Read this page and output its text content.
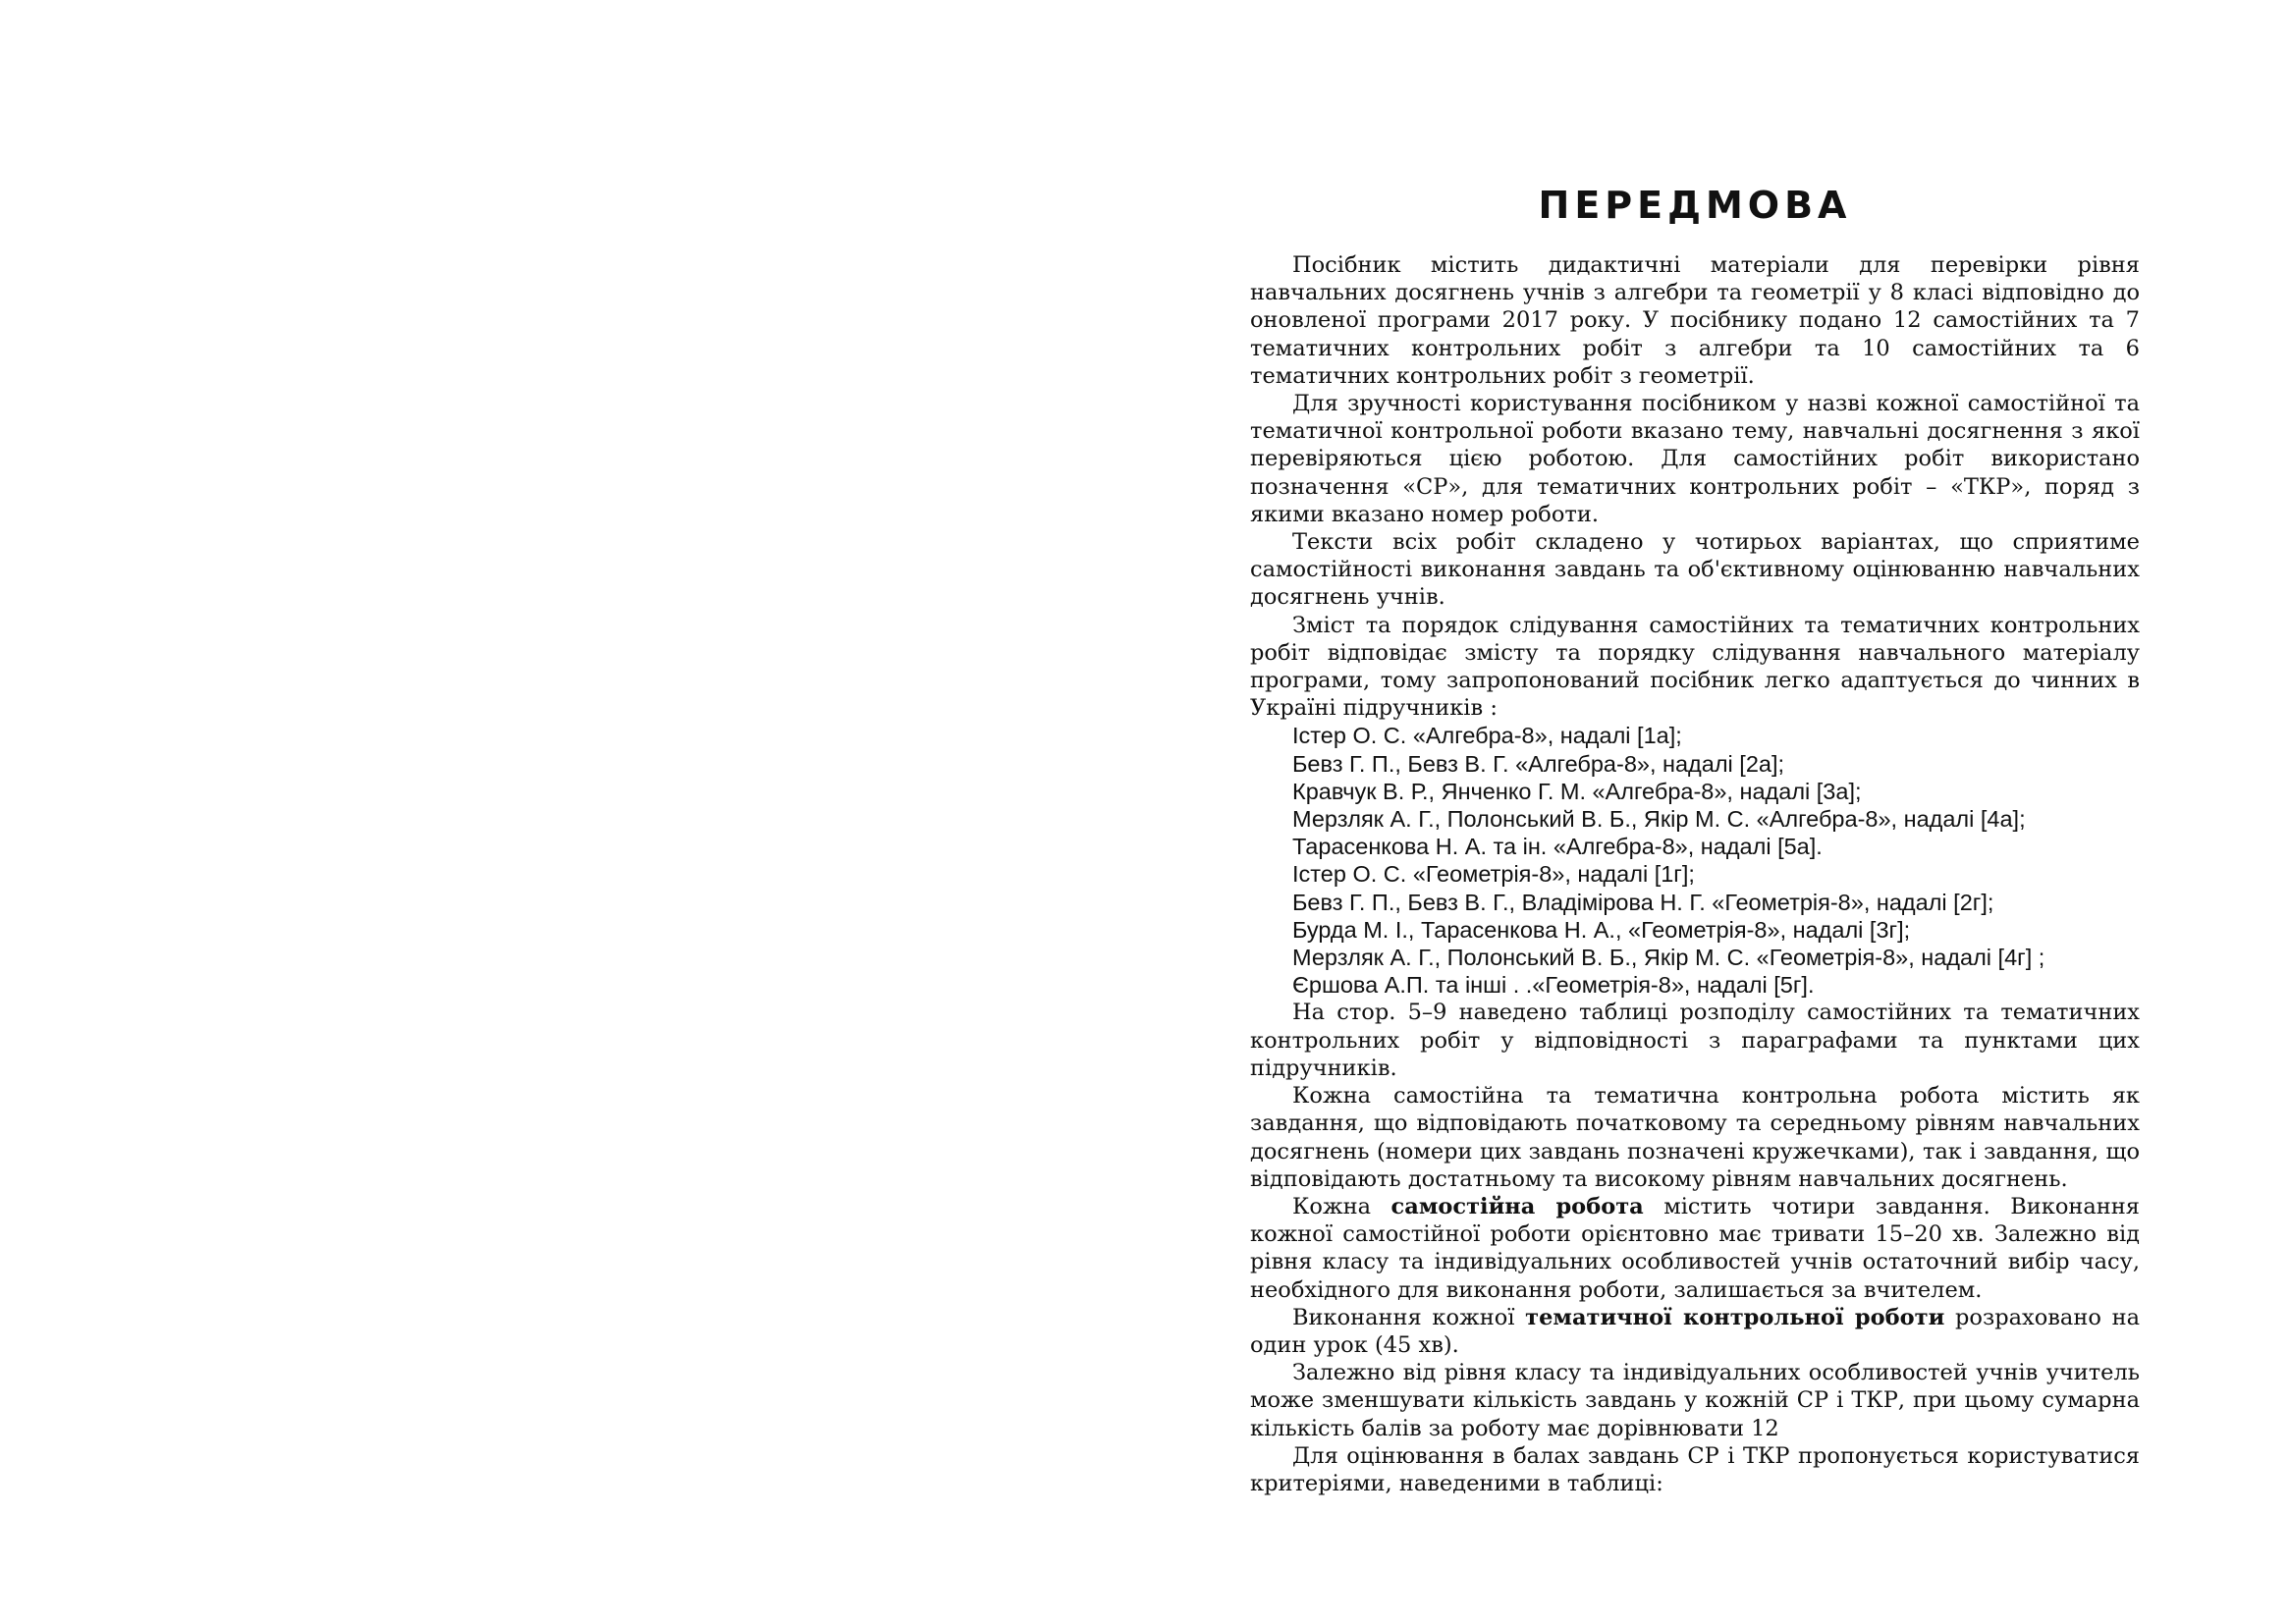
ПЕРЕДМОВА

Посібник містить дидактичні матеріали для перевірки рівня навчальних досягнень учнів з алгебри та геометрії у 8 класі відповідно до оновленої програми 2017 року. У посібнику подано 12 самостійних та 7 тематичних контрольних робіт з алгебри та 10 самостійних та 6 тематичних контрольних робіт з геометрії.

Для зручності користування посібником у назві кожної самостійної та тематичної контрольної роботи вказано тему, навчальні досягнення з якої перевіряються цією роботою. Для самостійних робіт використано позначення «СР», для тематичних контрольних робіт – «ТКР», поряд з якими вказано номер роботи.

Тексти всіх робіт складено у чотирьох варіантах, що сприятиме самостійності виконання завдань та об'єктивному оцінюванню навчальних досягнень учнів.

Зміст та порядок слідування самостійних та тематичних контрольних робіт відповідає змісту та порядку слідування навчального матеріалу програми, тому запропонований посібник легко адаптується до чинних в Україні підручників :

Істер О. С. «Алгебра-8», надалі [1а];
Бевз Г. П., Бевз В. Г. «Алгебра-8», надалі [2а];
Кравчук В. Р., Янченко Г. М. «Алгебра-8», надалі [3а];
Мерзляк А. Г., Полонський В. Б., Якір М. С. «Алгебра-8», надалі [4а];
Тарасенкова Н. А. та ін. «Алгебра-8», надалі [5а].
Істер О. С. «Геометрія-8», надалі [1г];
Бевз Г. П., Бевз В. Г., Владімірова Н. Г. «Геометрія-8», надалі [2г];
Бурда М. І., Тарасенкова Н. А., «Геометрія-8», надалі [3г];
Мерзляк А. Г., Полонський В. Б., Якір М. С. «Геометрія-8», надалі [4г] ;
Єршова А.П. та інші . .«Геометрія-8», надалі [5г].

На стор. 5–9 наведено таблиці розподілу самостійних та тематичних контрольних робіт у відповідності з параграфами та пунктами цих підручників.

Кожна самостійна та тематична контрольна робота містить як завдання, що відповідають початковому та середньому рівням навчальних досягнень (номери цих завдань позначені кружечками), так і завдання, що відповідають достатньому та високому рівням навчальних досягнень.

Кожна самостійна робота містить чотири завдання. Виконання кожної самостійної роботи орієнтовно має тривати 15–20 хв. Залежно від рівня класу та індивідуальних особливостей учнів остаточний вибір часу, необхідного для виконання роботи, залишається за вчителем.

Виконання кожної тематичної контрольної роботи розраховано на один урок (45 хв).

Залежно від рівня класу та індивідуальних особливостей учнів учитель може зменшувати кількість завдань у кожній СР і ТКР, при цьому сумарна кількість балів за роботу має дорівнювати 12

Для оцінювання в балах завдань СР і ТКР пропонується користуватися критеріями, наведеними в таблиці:
